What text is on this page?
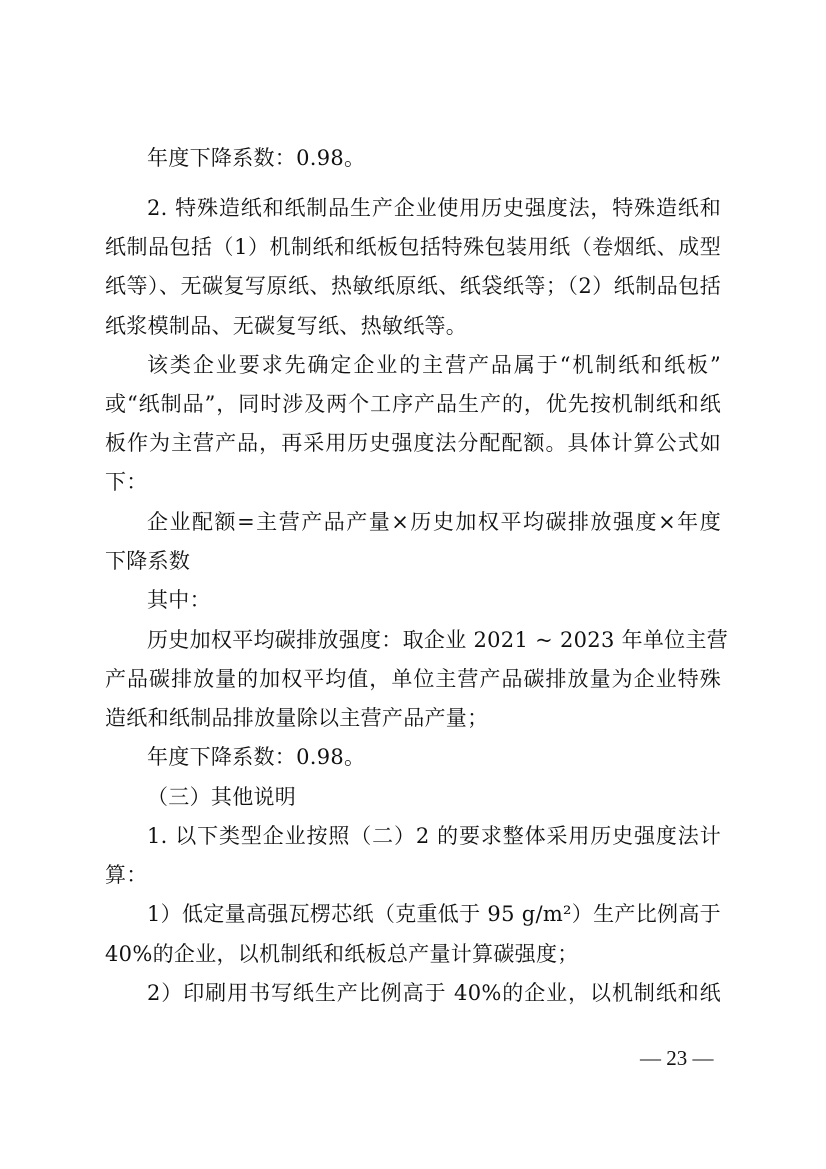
年度下降系数：0.98。
2. 特殊造纸和纸制品生产企业使用历史强度法，特殊造纸和
纸制品包括（1）机制纸和纸板包括特殊包装用纸（卷烟纸、成型
纸等）、无碳复写原纸、热敏纸原纸、纸袋纸等；（2）纸制品包括
纸浆模制品、无碳复写纸、热敏纸等。
该类企业要求先确定企业的主营产品属于“机制纸和纸板”
或“纸制品”，同时涉及两个工序产品生产的，优先按机制纸和纸
板作为主营产品，再采用历史强度法分配配额。具体计算公式如
下：
企业配额=主营产品产量×历史加权平均碳排放强度×年度
下降系数
其中：
历史加权平均碳排放强度：取企业 2021 ~ 2023 年单位主营
产品碳排放量的加权平均值，单位主营产品碳排放量为企业特殊
造纸和纸制品排放量除以主营产品产量；
年度下降系数：0.98。
（三）其他说明
1. 以下类型企业按照（二）2 的要求整体采用历史强度法计
算：
1）低定量高强瓦楞芯纸（克重低于 95 g/m²）生产比例高于
40%的企业，以机制纸和纸板总产量计算碳强度；
2）印刷用书写纸生产比例高于 40%的企业，以机制纸和纸
— 23 —
